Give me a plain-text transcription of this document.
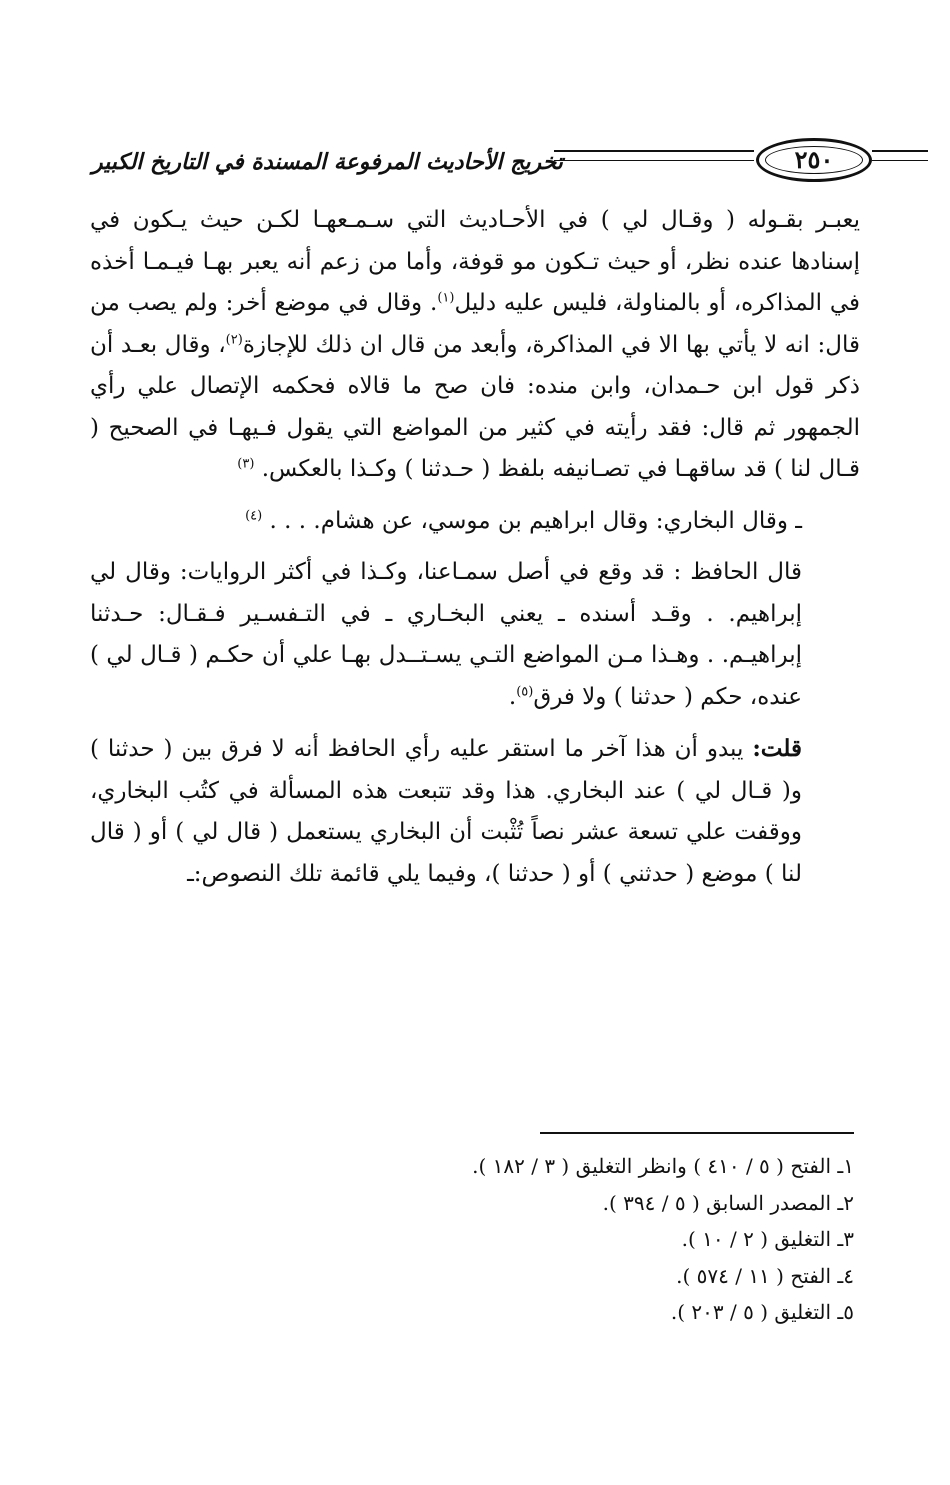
تخريج الأحاديث المرفوعة المسندة في التاريخ الكبير	٢٥٠

يعبـر بقـوله ( وقـال لي ) في الأحـاديث التي سـمـعهـا لكـن حيث يـكون في إسنادها عنده نظر، أو حيث تـكون مو قوفة، وأما من زعم أنه يعبر بهـا فيـمـا أخذه في المذاكره، أو بالمناولة، فليس عليه دليل$^{(١)}$. وقال في موضع أخر: ولم يصب من قال: انه لا يأتي بها الا في المذاكرة، وأبعد من قال ان ذلك للإجازة$^{(٢)}$، وقال بعـد أن ذكر قول ابن حـمدان، وابن منده: فان صح ما قالاه فحكمه الإتصال علي رأي الجمهور ثم قال: فقد رأيته في كثير من المواضع التي يقول فـيهـا في الصحيح ( قـال لنا ) قد ساقهـا في تصـانيفه بلفظ ( حـدثنا ) وكـذا بالعكس. $^{(٣)}$

ـ وقال البخاري: وقال ابراهيم بن موسي، عن هشام. . . . $^{(٤)}$

قال الحافظ : قد وقع في أصل سمـاعنا، وكـذا في أكثر الروايات: وقال لي إبراهيم. . وقـد أسنده ـ يعني البخـاري ـ في التـفسـير فـقـال: حـدثنا إبراهيـم. . وهـذا مـن المواضع التـي يسـتــدل بهـا علي أن حكـم ( قـال لي ) عنده، حكم ( حدثنا ) ولا فرق$^{(٥)}$.

قلت: يبدو أن هذا آخر ما استقر عليه رأي الحافظ أنه لا فرق بين ( حدثنا ) و( قـال لي ) عند البخاري. هذا وقد تتبعت هذه المسألة في كتُب البخاري، ووقفت علي تسعة عشر نصاً تُثْبت أن البخاري يستعمل ( قال لي ) أو ( قال لنا ) موضع ( حدثني ) أو ( حدثنا )، وفيما يلي قائمة تلك النصوص:ـ

١ـ الفتح ( ٥ / ٤١٠ ) وانظر التغليق ( ٣ / ١٨٢ ).
٢ـ المصدر السابق ( ٥ / ٣٩٤ ).
٣ـ التغليق ( ٢ / ١٠ ).
٤ـ الفتح ( ١١ / ٥٧٤ ).
٥ـ التغليق ( ٥ / ٢٠٣ ).
